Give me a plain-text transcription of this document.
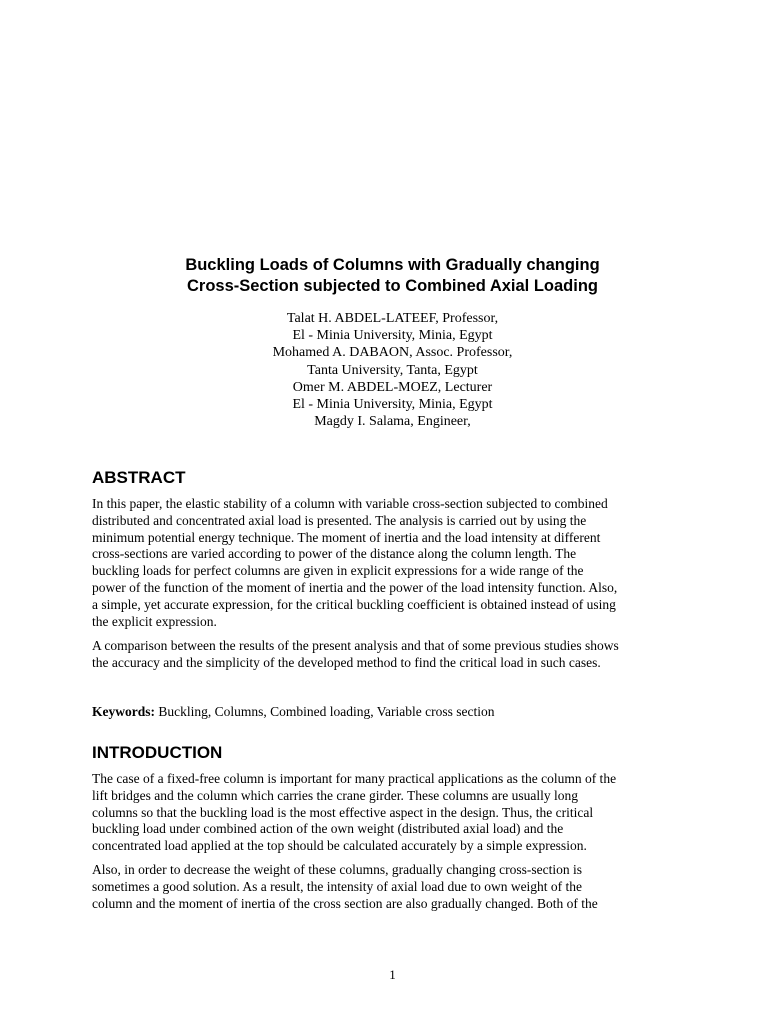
Buckling Loads of Columns with Gradually changing
Cross-Section subjected to Combined Axial Loading
Talat H. ABDEL-LATEEF, Professor,
El - Minia University, Minia, Egypt
Mohamed A. DABAON, Assoc. Professor,
Tanta University, Tanta, Egypt
Omer M. ABDEL-MOEZ, Lecturer
El - Minia University, Minia, Egypt
Magdy I. Salama, Engineer,
ABSTRACT

In this paper, the elastic stability of a column with variable cross-section subjected to combined

distributed and concentrated axial load is presented. The analysis is carried out by using the

minimum potential energy technique. The moment of inertia and the load intensity at different

cross-sections are varied according to power of the distance along the column length. The

buckling loads for perfect columns are given in explicit expressions for a wide range of the

power of the function of the moment of inertia and the power of the load intensity function. Also,

a simple, yet accurate expression, for the critical buckling coefficient is obtained instead of using

the explicit expression.

A comparison between the results of the present analysis and that of some previous studies shows

the accuracy and the simplicity of the developed method to find the critical load in such cases.

Keywords: Buckling, Columns, Combined loading, Variable cross section
INTRODUCTION

The case of a fixed-free column is important for many practical applications as the column of the

lift bridges and the column which carries the crane girder. These columns are usually long

columns so that the buckling load is the most effective aspect in the design. Thus, the critical

buckling load under combined action of the own weight (distributed axial load) and the

concentrated load applied at the top should be calculated accurately by a simple expression.

Also, in order to decrease the weight of these columns, gradually changing cross-section is

sometimes a good solution. As a result, the intensity of axial load due to own weight of the

column and the moment of inertia of the cross section are also gradually changed. Both of the

1
